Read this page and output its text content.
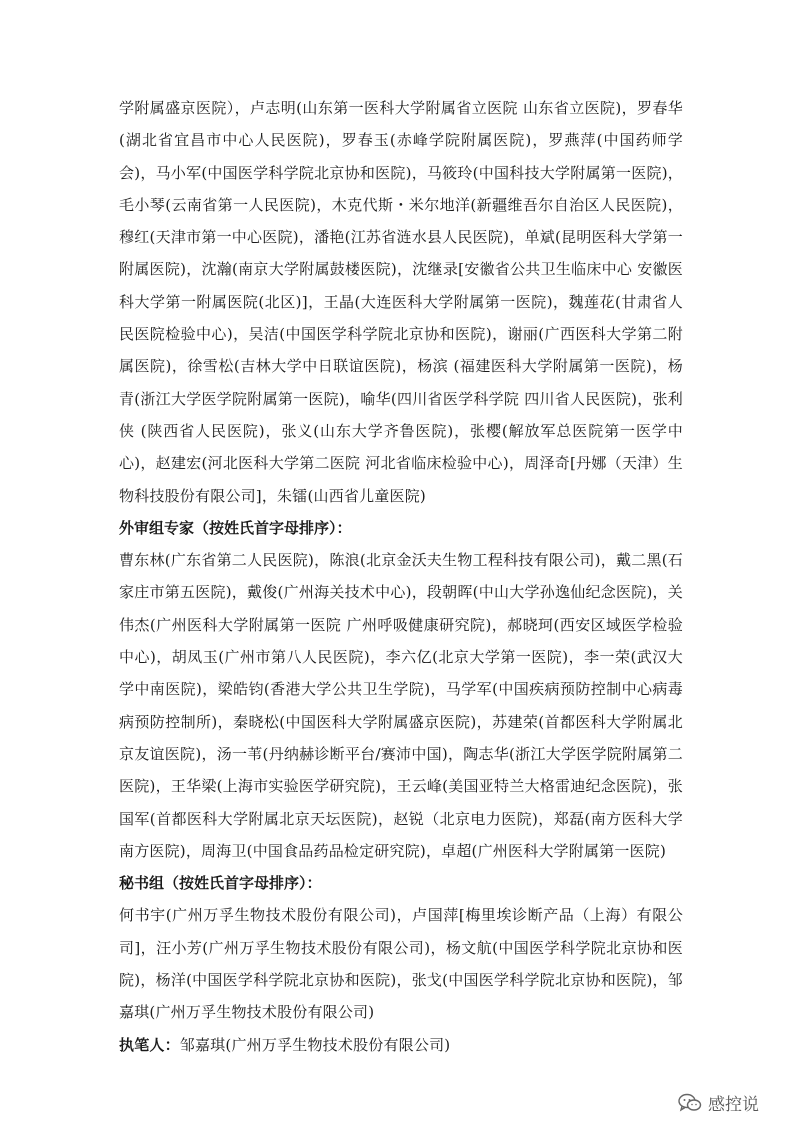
学附属盛京医院），卢志明(山东第一医科大学附属省立医院 山东省立医院)，罗春华(湖北省宜昌市中心人民医院)，罗春玉(赤峰学院附属医院)，罗燕萍(中国药师学会)，马小军(中国医学科学院北京协和医院)，马筱玲(中国科技大学附属第一医院)，毛小琴(云南省第一人民医院)，木克代斯・米尔地洋(新疆维吾尔自治区人民医院)，穆红(天津市第一中心医院)，潘艳(江苏省涟水县人民医院)，单斌(昆明医科大学第一附属医院)，沈瀚(南京大学附属鼓楼医院)，沈继录[安徽省公共卫生临床中心 安徽医科大学第一附属医院(北区)]，王晶(大连医科大学附属第一医院)，魏莲花(甘肃省人民医院检验中心)，吴洁(中国医学科学院北京协和医院)，谢丽(广西医科大学第二附属医院)，徐雪松(吉林大学中日联谊医院)，杨滨 (福建医科大学附属第一医院)，杨青(浙江大学医学院附属第一医院)，喻华(四川省医学科学院 四川省人民医院)，张利侠 (陕西省人民医院)，张义(山东大学齐鲁医院)，张樱(解放军总医院第一医学中心)，赵建宏(河北医科大学第二医院 河北省临床检验中心)，周泽奇[丹娜（天津）生物科技股份有限公司]，朱镭(山西省儿童医院)

外审组专家（按姓氏首字母排序）：

曹东林(广东省第二人民医院)，陈浪(北京金沃夫生物工程科技有限公司)，戴二黑(石家庄市第五医院)，戴俊(广州海关技术中心)，段朝晖(中山大学孙逸仙纪念医院)，关伟杰(广州医科大学附属第一医院 广州呼吸健康研究院)，郝晓珂(西安区域医学检验中心)，胡凤玉(广州市第八人民医院)，李六亿(北京大学第一医院)，李一荣(武汉大学中南医院)，梁皓钧(香港大学公共卫生学院)，马学军(中国疾病预防控制中心病毒病预防控制所)，秦晓松(中国医科大学附属盛京医院)，苏建荣(首都医科大学附属北京友谊医院)，汤一苇(丹纳赫诊断平台/赛沛中国)，陶志华(浙江大学医学院附属第二医院)，王华梁(上海市实验医学研究院)，王云峰(美国亚特兰大格雷迪纪念医院)，张国军(首都医科大学附属北京天坛医院)，赵锐（北京电力医院)，郑磊(南方医科大学南方医院)，周海卫(中国食品药品检定研究院)，卓超(广州医科大学附属第一医院)

秘书组（按姓氏首字母排序）：

何书宇(广州万孚生物技术股份有限公司)，卢国萍[梅里埃诊断产品（上海）有限公司]，汪小芳(广州万孚生物技术股份有限公司)，杨文航(中国医学科学院北京协和医院)，杨洋(中国医学科学院北京协和医院)，张戈(中国医学科学院北京协和医院)，邹嘉琪(广州万孚生物技术股份有限公司)

执笔人：邹嘉琪(广州万孚生物技术股份有限公司)

感控说
